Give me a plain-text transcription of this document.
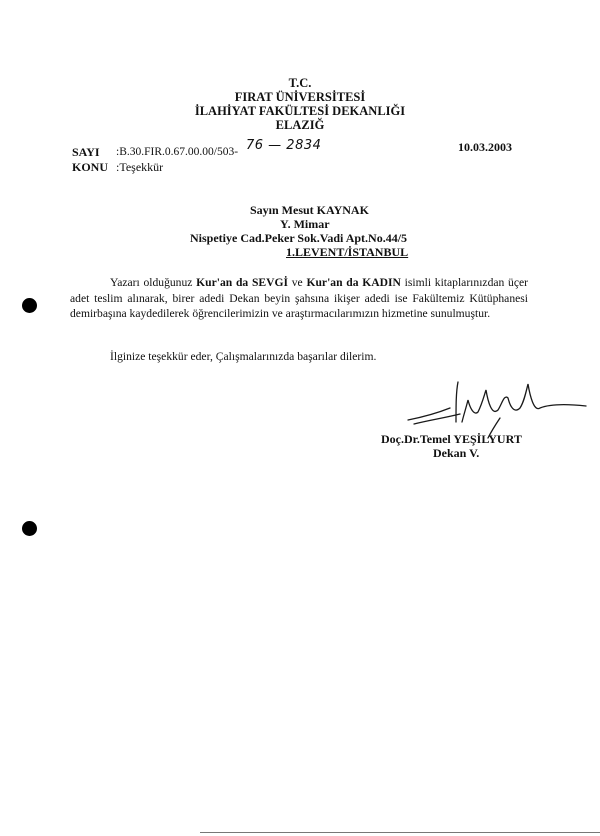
T.C.
FIRAT ÜNİVERSİTESİ
İLAHİYAT FAKÜLTESİ DEKANLIĞI
ELAZIĞ
SAYI :B.30.FIR.0.67.00.00/503- 76 — 2834	10.03.2003
KONU :Teşekkür
Sayın Mesut KAYNAK
Y. Mimar
Nispetiye Cad.Peker Sok.Vadi Apt.No.44/5
1.LEVENT/İSTANBUL

Yazarı olduğunuz Kur'an da SEVGİ ve Kur'an da KADIN isimli kitaplarınızdan üçer adet teslim alınarak, birer adedi Dekan beyin şahsına ikişer adedi ise Fakültemiz Kütüphanesi demirbaşına kaydedilerek öğrencilerimizin ve araştırmacılarımızın hizmetine sunulmuştur.

İlginize teşekkür eder, Çalışmalarınızda başarılar dilerim.

Doç.Dr.Temel YEŞİLYURT
Dekan V.
